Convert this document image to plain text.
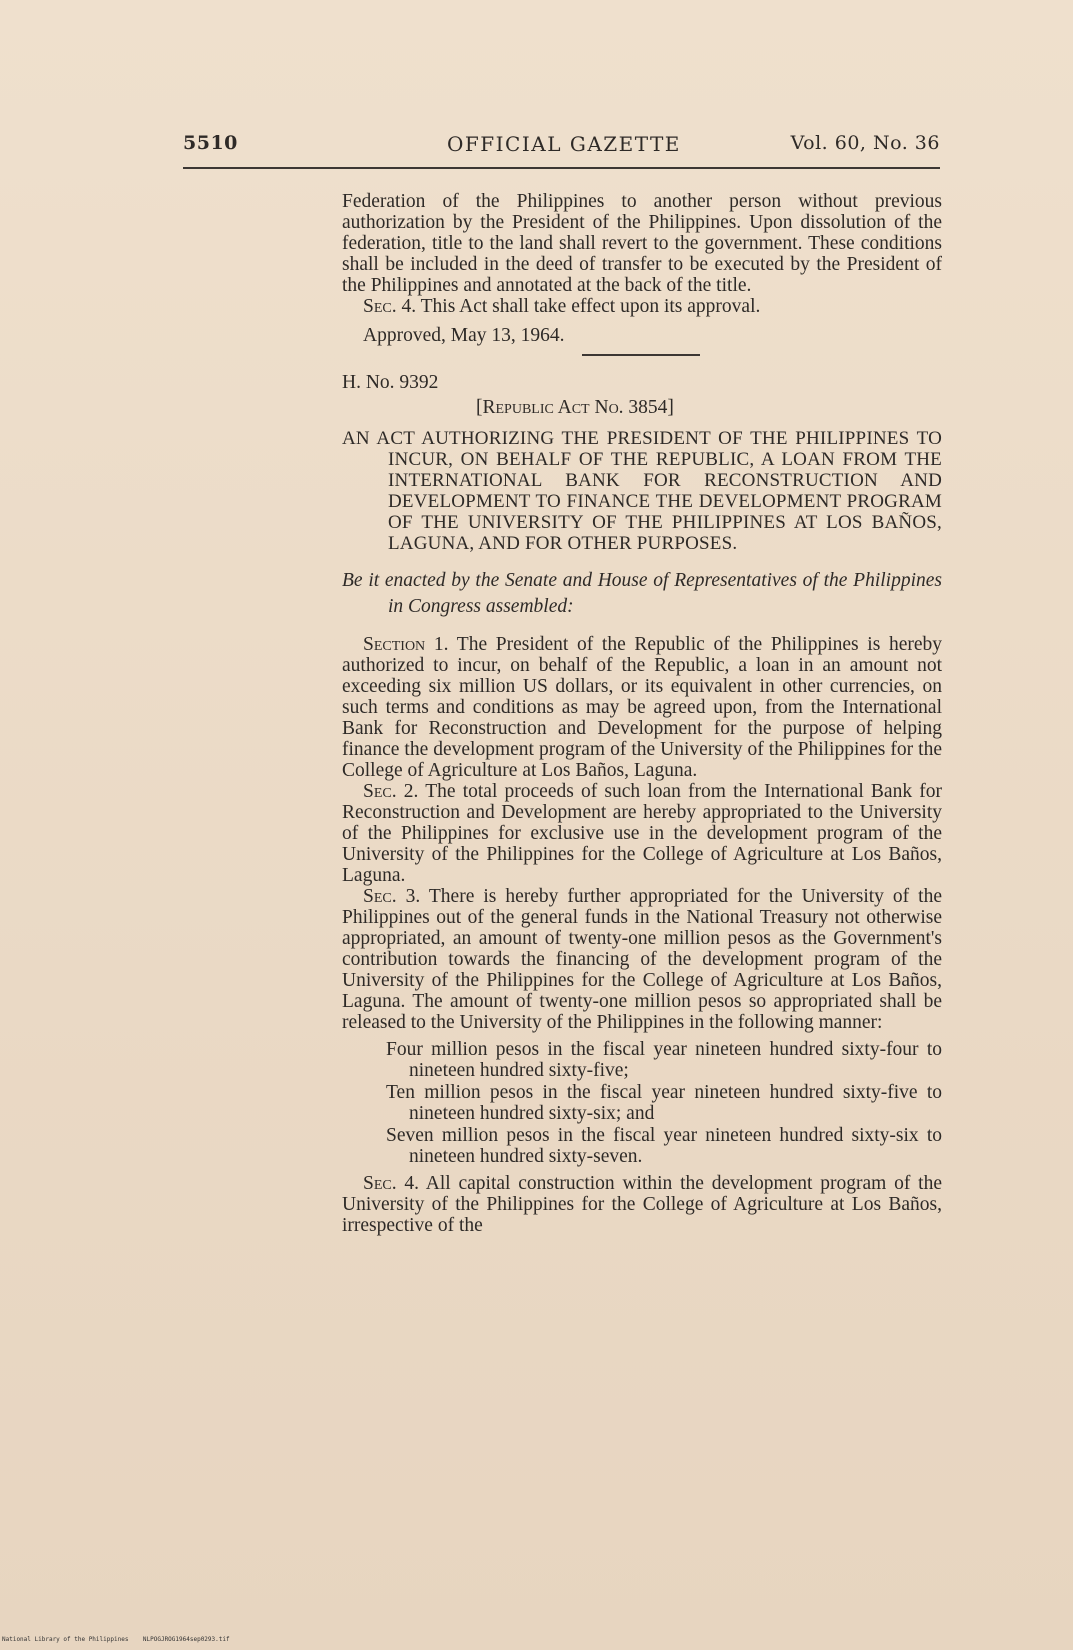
5510	OFFICIAL GAZETTE	Vol. 60, No. 36

Federation of the Philippines to another person without previous authorization by the President of the Philippines. Upon dissolution of the federation, title to the land shall revert to the government. These conditions shall be included in the deed of transfer to be executed by the President of the Philippines and annotated at the back of the title.

Sec. 4. This Act shall take effect upon its approval.

Approved, May 13, 1964.

H. No. 9392

[Republic Act No. 3854]

AN ACT AUTHORIZING THE PRESIDENT OF THE PHILIPPINES TO INCUR, ON BEHALF OF THE REPUBLIC, A LOAN FROM THE INTERNATIONAL BANK FOR RECONSTRUCTION AND DEVELOPMENT TO FINANCE THE DEVELOPMENT PROGRAM OF THE UNIVERSITY OF THE PHILIPPINES AT LOS BAÑOS, LAGUNA, AND FOR OTHER PURPOSES.

Be it enacted by the Senate and House of Representatives of the Philippines in Congress assembled:

Section 1. The President of the Republic of the Philippines is hereby authorized to incur, on behalf of the Republic, a loan in an amount not exceeding six million US dollars, or its equivalent in other currencies, on such terms and conditions as may be agreed upon, from the International Bank for Reconstruction and Development for the purpose of helping finance the development program of the University of the Philippines for the College of Agriculture at Los Baños, Laguna.

Sec. 2. The total proceeds of such loan from the International Bank for Reconstruction and Development are hereby appropriated to the University of the Philippines for exclusive use in the development program of the University of the Philippines for the College of Agriculture at Los Baños, Laguna.

Sec. 3. There is hereby further appropriated for the University of the Philippines out of the general funds in the National Treasury not otherwise appropriated, an amount of twenty-one million pesos as the Government's contribution towards the financing of the development program of the University of the Philippines for the College of Agriculture at Los Baños, Laguna. The amount of twenty-one million pesos so appropriated shall be released to the University of the Philippines in the following manner:

Four million pesos in the fiscal year nineteen hundred sixty-four to nineteen hundred sixty-five;

Ten million pesos in the fiscal year nineteen hundred sixty-five to nineteen hundred sixty-six; and

Seven million pesos in the fiscal year nineteen hundred sixty-six to nineteen hundred sixty-seven.

Sec. 4. All capital construction within the development program of the University of the Philippines for the College of Agriculture at Los Baños, irrespective of the

National Library of the Philippines NLPOGJROG1964sep0293.tif
